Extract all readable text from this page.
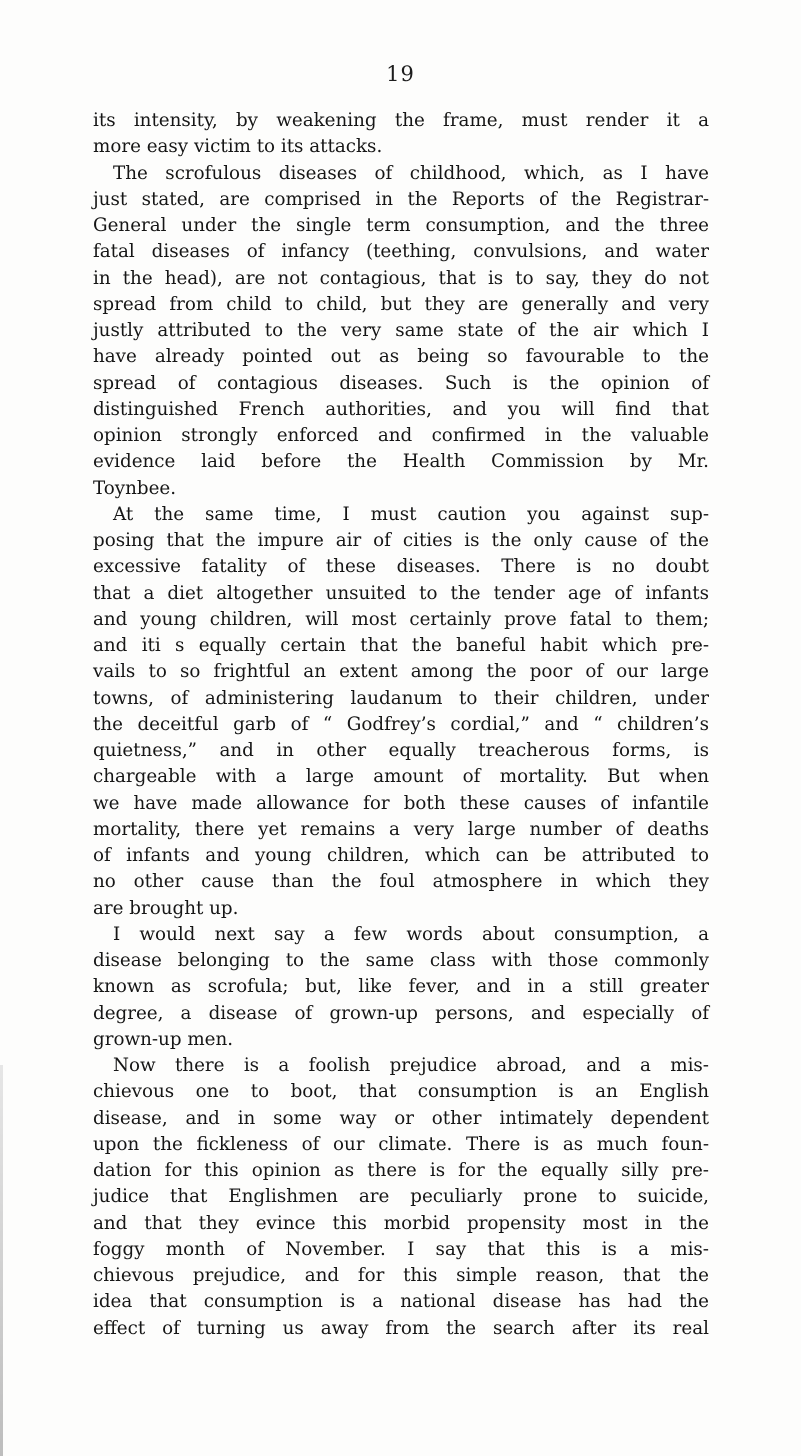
19
its intensity, by weakening the frame, must render it a
more easy victim to its attacks.
The scrofulous diseases of childhood, which, as I have
just stated, are comprised in the Reports of the Registrar-
General under the single term consumption, and the three
fatal diseases of infancy (teething, convulsions, and water
in the head), are not contagious, that is to say, they do not
spread from child to child, but they are generally and very
justly attributed to the very same state of the air which I
have already pointed out as being so favourable to the
spread of contagious diseases. Such is the opinion of
distinguished French authorities, and you will find that
opinion strongly enforced and confirmed in the valuable
evidence laid before the Health Commission by Mr.
Toynbee.
At the same time, I must caution you against sup-
posing that the impure air of cities is the only cause of the
excessive fatality of these diseases. There is no doubt
that a diet altogether unsuited to the tender age of infants
and young children, will most certainly prove fatal to them;
and iti s equally certain that the baneful habit which pre-
vails to so frightful an extent among the poor of our large
towns, of administering laudanum to their children, under
the deceitful garb of “ Godfrey’s cordial,” and “ children’s
quietness,” and in other equally treacherous forms, is
chargeable with a large amount of mortality. But when
we have made allowance for both these causes of infantile
mortality, there yet remains a very large number of deaths
of infants and young children, which can be attributed to
no other cause than the foul atmosphere in which they
are brought up.
I would next say a few words about consumption, a
disease belonging to the same class with those commonly
known as scrofula; but, like fever, and in a still greater
degree, a disease of grown-up persons, and especially of
grown-up men.
Now there is a foolish prejudice abroad, and a mis-
chievous one to boot, that consumption is an English
disease, and in some way or other intimately dependent
upon the fickleness of our climate. There is as much foun-
dation for this opinion as there is for the equally silly pre-
judice that Englishmen are peculiarly prone to suicide,
and that they evince this morbid propensity most in the
foggy month of November. I say that this is a mis-
chievous prejudice, and for this simple reason, that the
idea that consumption is a national disease has had the
effect of turning us away from the search after its real
